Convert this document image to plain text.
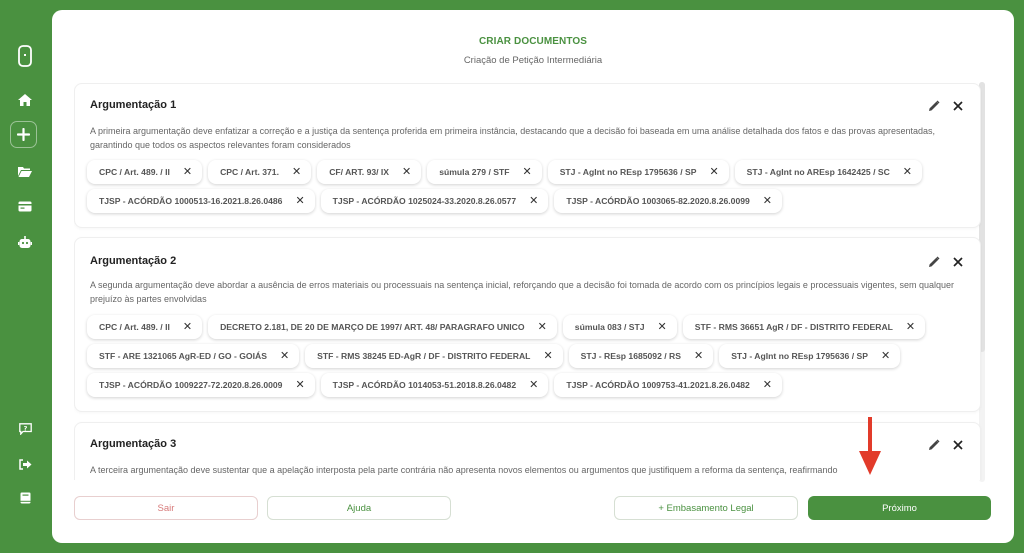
?
CRIAR DOCUMENTOS
Criação de Petição Intermediária
Argumentação 1
A primeira argumentação deve enfatizar a correção e a justiça da sentença proferida em primeira instância, destacando que a decisão foi baseada em uma análise detalhada dos fatos e das provas apresentadas, garantindo que todos os aspectos relevantes foram considerados
CPC / Art. 489. / II ✕	CPC / Art. 371. ✕	CF/ ART. 93/ IX ✕	súmula 279 / STF ✕	STJ - AgInt no REsp 1795636 / SP ✕	STJ - AgInt no AREsp 1642425 / SC ✕
TJSP - ACÓRDÃO 1000513-16.2021.8.26.0486 ✕	TJSP - ACÓRDÃO 1025024-33.2020.8.26.0577 ✕	TJSP - ACÓRDÃO 1003065-82.2020.8.26.0099 ✕
Argumentação 2
A segunda argumentação deve abordar a ausência de erros materiais ou processuais na sentença inicial, reforçando que a decisão foi tomada de acordo com os princípios legais e processuais vigentes, sem qualquer prejuízo às partes envolvidas
CPC / Art. 489. / II ✕	DECRETO 2.181, DE 20 DE MARÇO DE 1997/ ART. 48/ PARAGRAFO UNICO ✕	súmula 083 / STJ ✕	STF - RMS 36651 AgR / DF - DISTRITO FEDERAL ✕
STF - ARE 1321065 AgR-ED / GO - GOIÁS ✕	STF - RMS 38245 ED-AgR / DF - DISTRITO FEDERAL ✕	STJ - REsp 1685092 / RS ✕	STJ - AgInt no REsp 1795636 / SP ✕
TJSP - ACÓRDÃO 1009227-72.2020.8.26.0009 ✕	TJSP - ACÓRDÃO 1014053-51.2018.8.26.0482 ✕	TJSP - ACÓRDÃO 1009753-41.2021.8.26.0482 ✕
Argumentação 3
A terceira argumentação deve sustentar que a apelação interposta pela parte contrária não apresenta novos elementos ou argumentos que justifiquem a reforma da sentença, reafirmando
Sair	Ajuda	+ Embasamento Legal	Próximo
